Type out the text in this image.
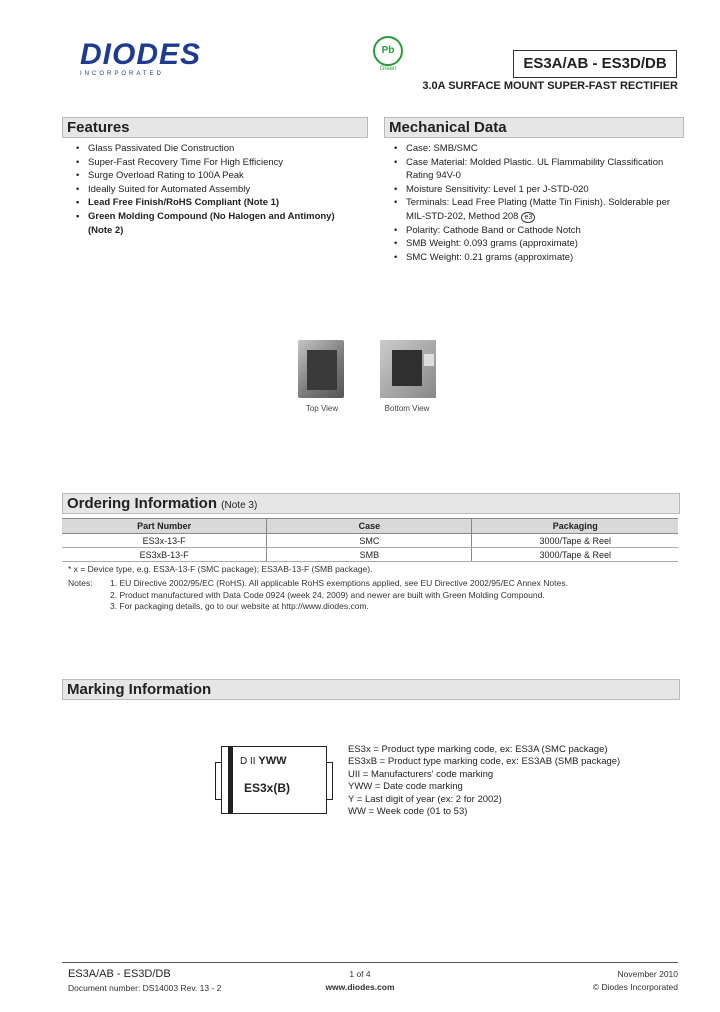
DIODES
INCORPORATED
Pb
Green	ES3A/AB - ES3D/DB
3.0A SURFACE MOUNT SUPER-FAST RECTIFIER
Features
• Glass Passivated Die Construction
• Super-Fast Recovery Time For High Efficiency
• Surge Overload Rating to 100A Peak
• Ideally Suited for Automated Assembly
• Lead Free Finish/RoHS Compliant (Note 1)
• Green Molding Compound (No Halogen and Antimony) (Note 2)
Mechanical Data
• Case: SMB/SMC
• Case Material: Molded Plastic. UL Flammability Classification Rating 94V-0
• Moisture Sensitivity: Level 1 per J-STD-020
• Terminals: Lead Free Plating (Matte Tin Finish). Solderable per MIL-STD-202, Method 208 e3
• Polarity: Cathode Band or Cathode Notch
• SMB Weight: 0.093 grams (approximate)
• SMC Weight: 0.21 grams (approximate)
Top View	Bottom View
Ordering Information (Note 3)
Part Number	Case	Packaging
ES3x-13-F	SMC	3000/Tape & Reel
ES3xB-13-F	SMB	3000/Tape & Reel
* x = Device type, e.g. ES3A-13-F (SMC package); ES3AB-13-F (SMB package).
Notes: 1. EU Directive 2002/95/EC (RoHS). All applicable RoHS exemptions applied, see EU Directive 2002/95/EC Annex Notes.
2. Product manufactured with Data Code 0924 (week 24, 2009) and newer are built with Green Molding Compound.
3. For packaging details, go to our website at http://www.diodes.com.
Marking Information
D II YWW
ES3x(B)
ES3x = Product type marking code, ex: ES3A (SMC package)
ES3xB = Product type marking code, ex: ES3AB (SMB package)
UII = Manufacturers' code marking
YWW = Date code marking
Y = Last digit of year (ex: 2 for 2002)
WW = Week code (01 to 53)
ES3A/AB - ES3D/DB
Document number: DS14003 Rev. 13 - 2
1 of 4
www.diodes.com
November 2010
© Diodes Incorporated
